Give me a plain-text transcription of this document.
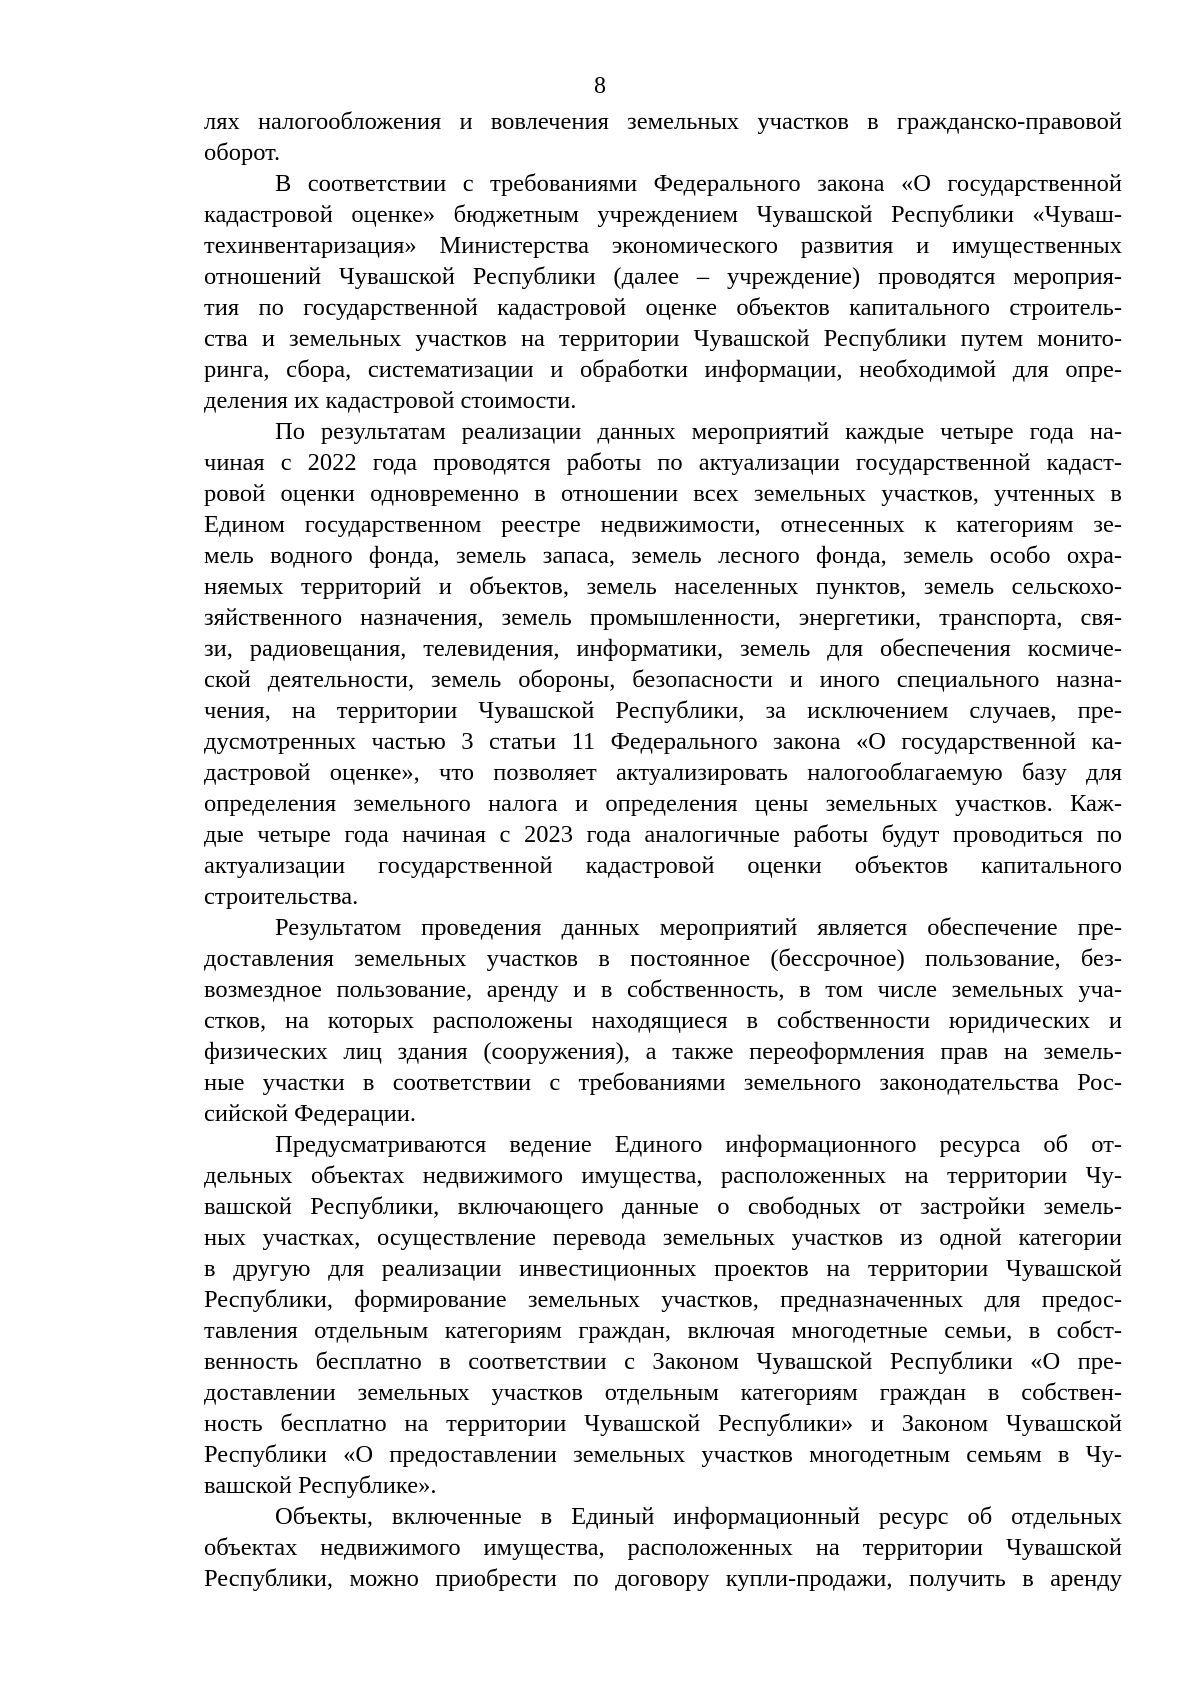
8
лях налогообложения и вовлечения земельных участков в гражданско-правовой
оборот.
В соответствии с требованиями Федерального закона «О государственной
кадастровой оценке» бюджетным учреждением Чувашской Республики «Чуваш-
техинвентаризация» Министерства экономического развития и имущественных
отношений Чувашской Республики (далее – учреждение) проводятся мероприя-
тия по государственной кадастровой оценке объектов капитального строитель-
ства и земельных участков на территории Чувашской Республики путем монито-
ринга, сбора, систематизации и обработки информации, необходимой для опре-
деления их кадастровой стоимости.
По результатам реализации данных мероприятий каждые четыре года на-
чиная с 2022 года проводятся работы по актуализации государственной кадаст-
ровой оценки одновременно в отношении всех земельных участков, учтенных в
Едином государственном реестре недвижимости, отнесенных к категориям зе-
мель водного фонда, земель запаса, земель лесного фонда, земель особо охра-
няемых территорий и объектов, земель населенных пунктов, земель сельскохо-
зяйственного назначения, земель промышленности, энергетики, транспорта, свя-
зи, радиовещания, телевидения, информатики, земель для обеспечения космиче-
ской деятельности, земель обороны, безопасности и иного специального назна-
чения, на территории Чувашской Республики, за исключением случаев, пре-
дусмотренных частью 3 статьи 11 Федерального закона «О государственной ка-
дастровой оценке», что позволяет актуализировать налогооблагаемую базу для
определения земельного налога и определения цены земельных участков. Каж-
дые четыре года начиная с 2023 года аналогичные работы будут проводиться по
актуализации государственной кадастровой оценки объектов капитального
строительства.
Результатом проведения данных мероприятий является обеспечение пре-
доставления земельных участков в постоянное (бессрочное) пользование, без-
возмездное пользование, аренду и в собственность, в том числе земельных уча-
стков, на которых расположены находящиеся в собственности юридических и
физических лиц здания (сооружения), а также переоформления прав на земель-
ные участки в соответствии с требованиями земельного законодательства Рос-
сийской Федерации.
Предусматриваются ведение Единого информационного ресурса об от-
дельных объектах недвижимого имущества, расположенных на территории Чу-
вашской Республики, включающего данные о свободных от застройки земель-
ных участках, осуществление перевода земельных участков из одной категории
в другую для реализации инвестиционных проектов на территории Чувашской
Республики, формирование земельных участков, предназначенных для предос-
тавления отдельным категориям граждан, включая многодетные семьи, в собст-
венность бесплатно в соответствии с Законом Чувашской Республики «О пре-
доставлении земельных участков отдельным категориям граждан в собствен-
ность бесплатно на территории Чувашской Республики» и Законом Чувашской
Республики «О предоставлении земельных участков многодетным семьям в Чу-
вашской Республике».
Объекты, включенные в Единый информационный ресурс об отдельных
объектах недвижимого имущества, расположенных на территории Чувашской
Республики, можно приобрести по договору купли-продажи, получить в аренду
